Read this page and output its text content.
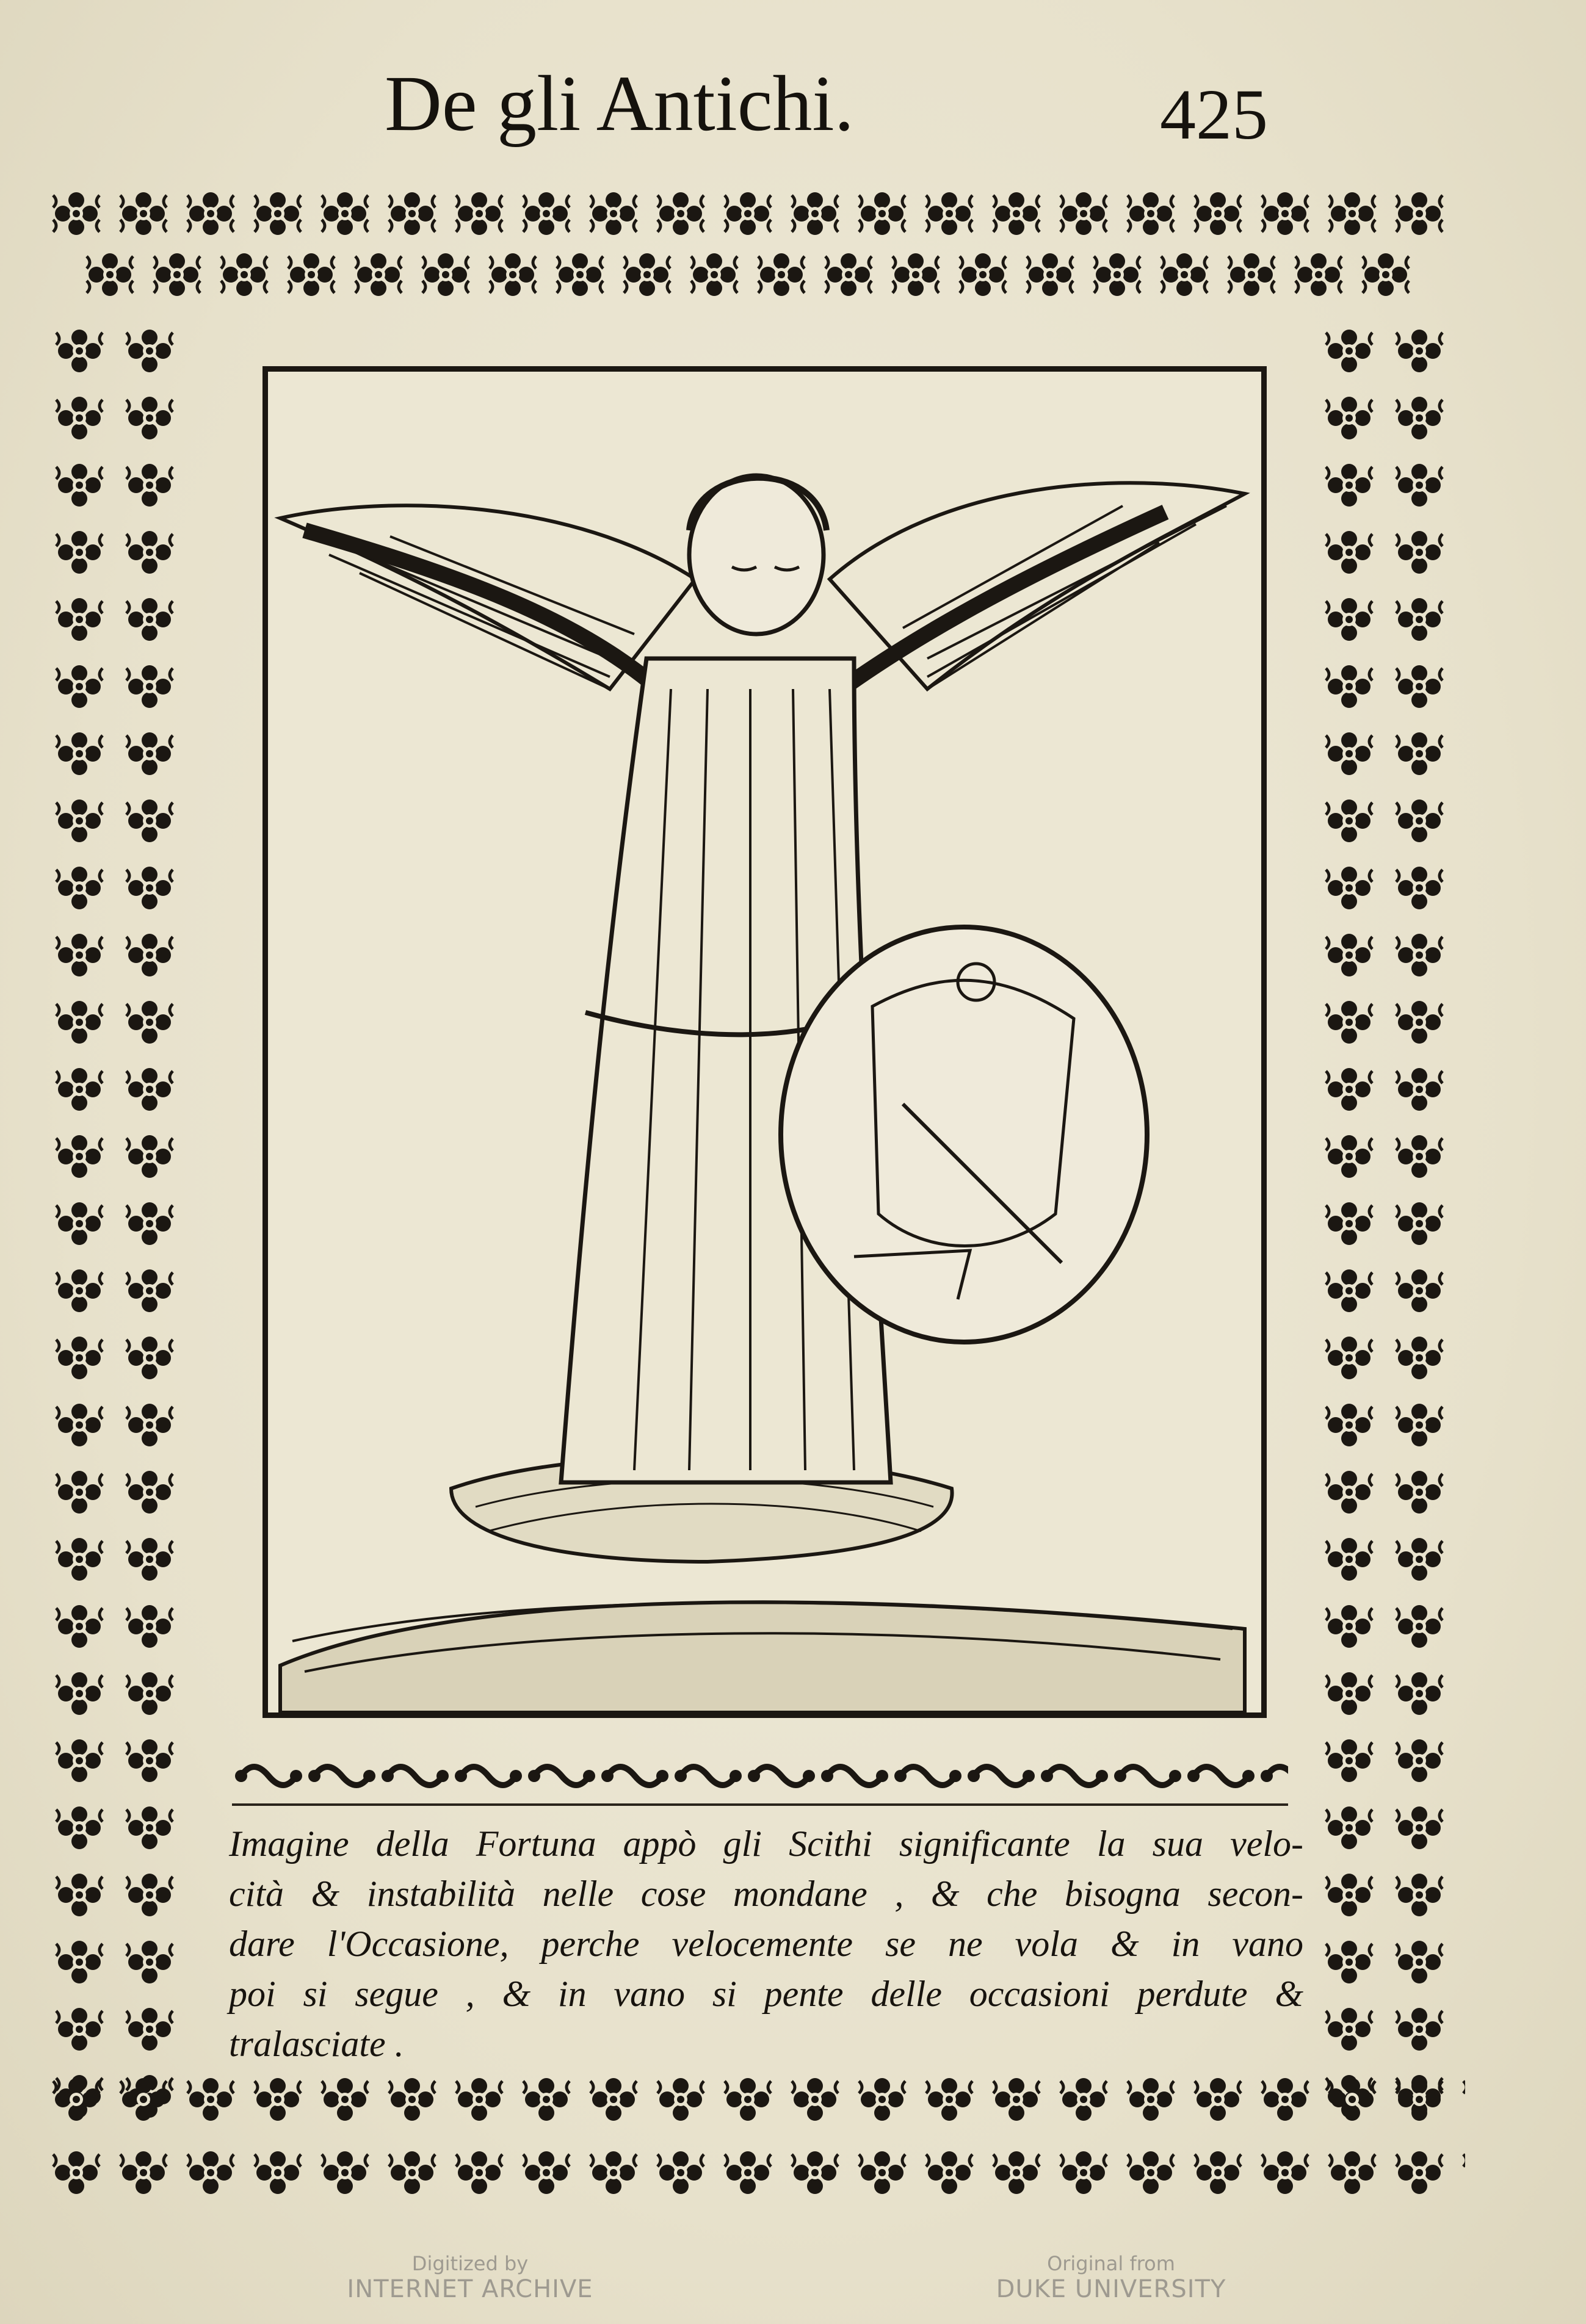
De gli Antichi.	425
Imagine della Fortuna appò gli Scithi significante la sua velo-
cità & instabilità nelle cose mondane , & che bisogna secon-
dare l'Occasione, perche velocemente se ne vola & in vano
poi si segue , & in vano si pente delle occasioni perdute &
tralasciate .
Digitized by
INTERNET ARCHIVE
Original from
DUKE UNIVERSITY
